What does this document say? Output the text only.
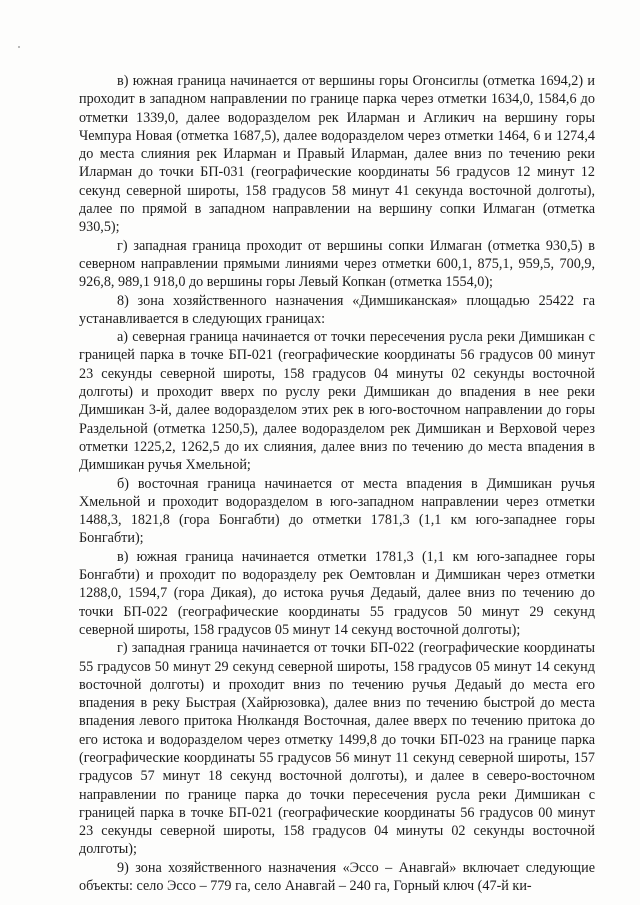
в) южная граница начинается от вершины горы Огонсиглы (отметка 1694,2) и проходит в западном направлении по границе парка через отметки 1634,0, 1584,6 до отметки 1339,0, далее водоразделом рек Иларман и Агликич на вершину горы Чемпура Новая (отметка 1687,5), далее водоразделом через отметки 1464, 6 и 1274,4 до места слияния рек Иларман и Правый Иларман, далее вниз по течению реки Иларман до точки БП-031 (географические координаты 56 градусов 12 минут 12 секунд северной широты, 158 градусов 58 минут 41 секунда восточной долготы), далее по прямой в западном направлении на вершину сопки Илмаган (отметка 930,5);

г) западная граница проходит от вершины сопки Илмаган (отметка 930,5) в северном направлении прямыми линиями через отметки 600,1, 875,1, 959,5, 700,9, 926,8, 989,1 918,0 до вершины горы Левый Копкан (отметка 1554,0);

8) зона хозяйственного назначения «Димшиканская» площадью 25422 га устанавливается в следующих границах:

а) северная граница начинается от точки пересечения русла реки Димшикан с границей парка в точке БП-021 (географические координаты 56 градусов 00 минут 23 секунды северной широты, 158 градусов 04 минуты 02 секунды восточной долготы) и проходит вверх по руслу реки Димшикан до впадения в нее реки Димшикан 3-й, далее водоразделом этих рек в юго-восточном направлении до горы Раздельной (отметка 1250,5), далее водоразделом рек Димшикан и Верховой через отметки 1225,2, 1262,5 до их слияния, далее вниз по течению до места впадения в Димшикан ручья Хмельной;

б) восточная граница начинается от места впадения в Димшикан ручья Хмельной и проходит водоразделом в юго-западном направлении через отметки 1488,3, 1821,8 (гора Бонгабти) до отметки 1781,3 (1,1 км юго-западнее горы Бонгабти);

в) южная граница начинается отметки 1781,3 (1,1 км юго-западнее горы Бонгабти) и проходит по водоразделу рек Оемтовлан и Димшикан через отметки 1288,0, 1594,7 (гора Дикая), до истока ручья Дедаый, далее вниз по течению до точки БП-022 (географические координаты 55 градусов 50 минут 29 секунд северной широты, 158 градусов 05 минут 14 секунд восточной долготы);

г) западная граница начинается от точки БП-022 (географические координаты 55 градусов 50 минут 29 секунд северной широты, 158 градусов 05 минут 14 секунд восточной долготы) и проходит вниз по течению ручья Дедаый до места его впадения в реку Быстрая (Хайрюзовка), далее вниз по течению быстрой до места впадения левого притока Нюлкандя Восточная, далее вверх по течению притока до его истока и водоразделом через отметку 1499,8 до точки БП-023 на границе парка (географические координаты 55 градусов 56 минут 11 секунд северной широты, 157 градусов 57 минут 18 секунд восточной долготы), и далее в северо-восточном направлении по границе парка до точки пересечения русла реки Димшикан с границей парка в точке БП-021 (географические координаты 56 градусов 00 минут 23 секунды северной широты, 158 градусов 04 минуты 02 секунды восточной долготы);

9) зона хозяйственного назначения «Эссо – Анавгай» включает следующие объекты: село Эссо – 779 га, село Анавгай – 240 га, Горный ключ (47-й ки-
